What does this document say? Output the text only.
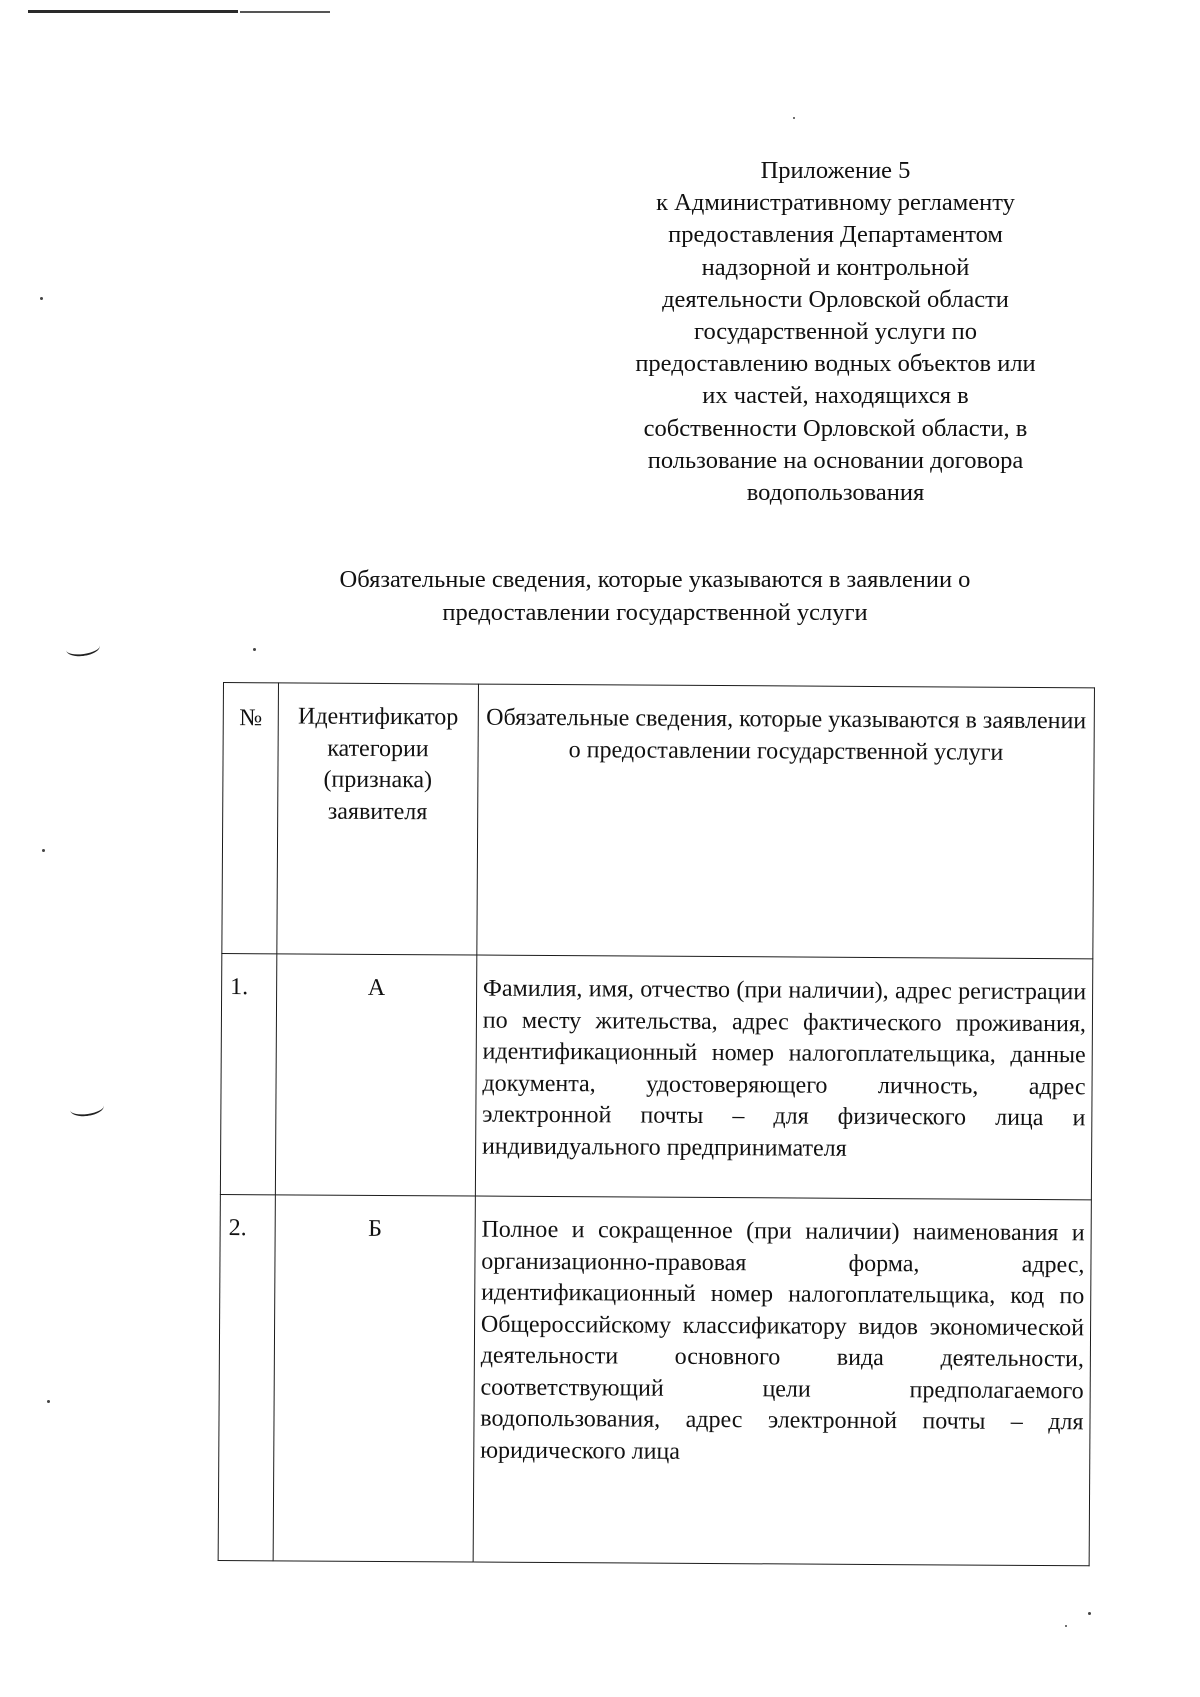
Приложение 5
к Административному регламенту
предоставления Департаментом
надзорной и контрольной
деятельности Орловской области
государственной услуги по
предоставлению водных объектов или
их частей, находящихся в
собственности Орловской области, в
пользование на основании договора
водопользования
Обязательные сведения, которые указываются в заявлении о
предоставлении государственной услуги
№	Идентификатор категории (признака) заявителя	Обязательные сведения, которые указываются в заявлении о предоставлении государственной услуги
1.	А	Фамилия, имя, отчество (при наличии), адрес регистрации по месту жительства, адрес фактического проживания, идентификационный номер налогоплательщика, данные документа, удостоверяющего личность, адрес электронной почты – для физического лица и индивидуального предпринимателя
2.	Б	Полное и сокращенное (при наличии) наименования и организационно-правовая форма, адрес, идентификационный номер налогоплательщика, код по Общероссийскому классификатору видов экономической деятельности основного вида деятельности, соответствующий цели предполагаемого водопользования, адрес электронной почты – для юридического лица
